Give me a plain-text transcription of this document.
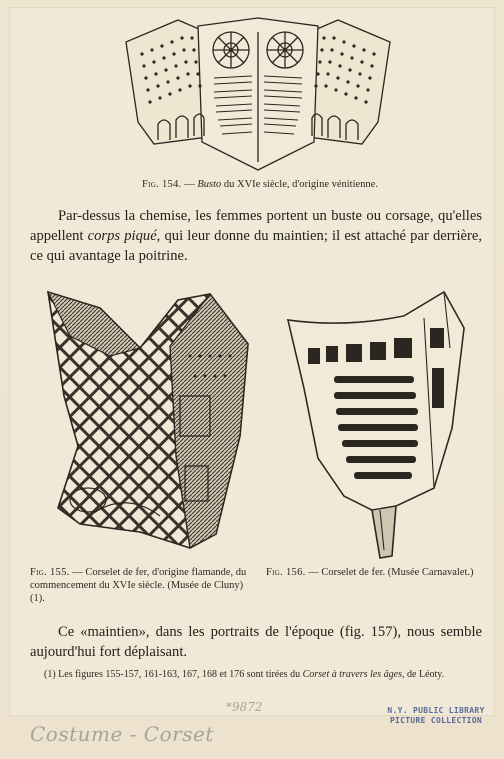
Fig. 154. — Busto du XVIe siècle, d'origine vénitienne.
Par-dessus la chemise, les femmes portent un buste ou corsage, qu'elles appellent corps piqué, qui leur donne du maintien; il est attaché par derrière, ce qui avantage la poitrine.
Fig. 155. — Corselet de fer, d'origine flamande, du commencement du XVIe siècle. (Musée de Cluny) (1).
Fig. 156. — Corselet de fer. (Musée Carnavalet.)
Ce «maintien», dans les portraits de l'époque (fig. 157), nous semble aujourd'hui fort déplaisant.
(1) Les figures 155-157, 161-163, 167, 168 et 176 sont tirées du Corset à travers les âges, de Léoty.
N.Y. PUBLIC LIBRARY
PICTURE COLLECTION
*9872
Costume - Corset
